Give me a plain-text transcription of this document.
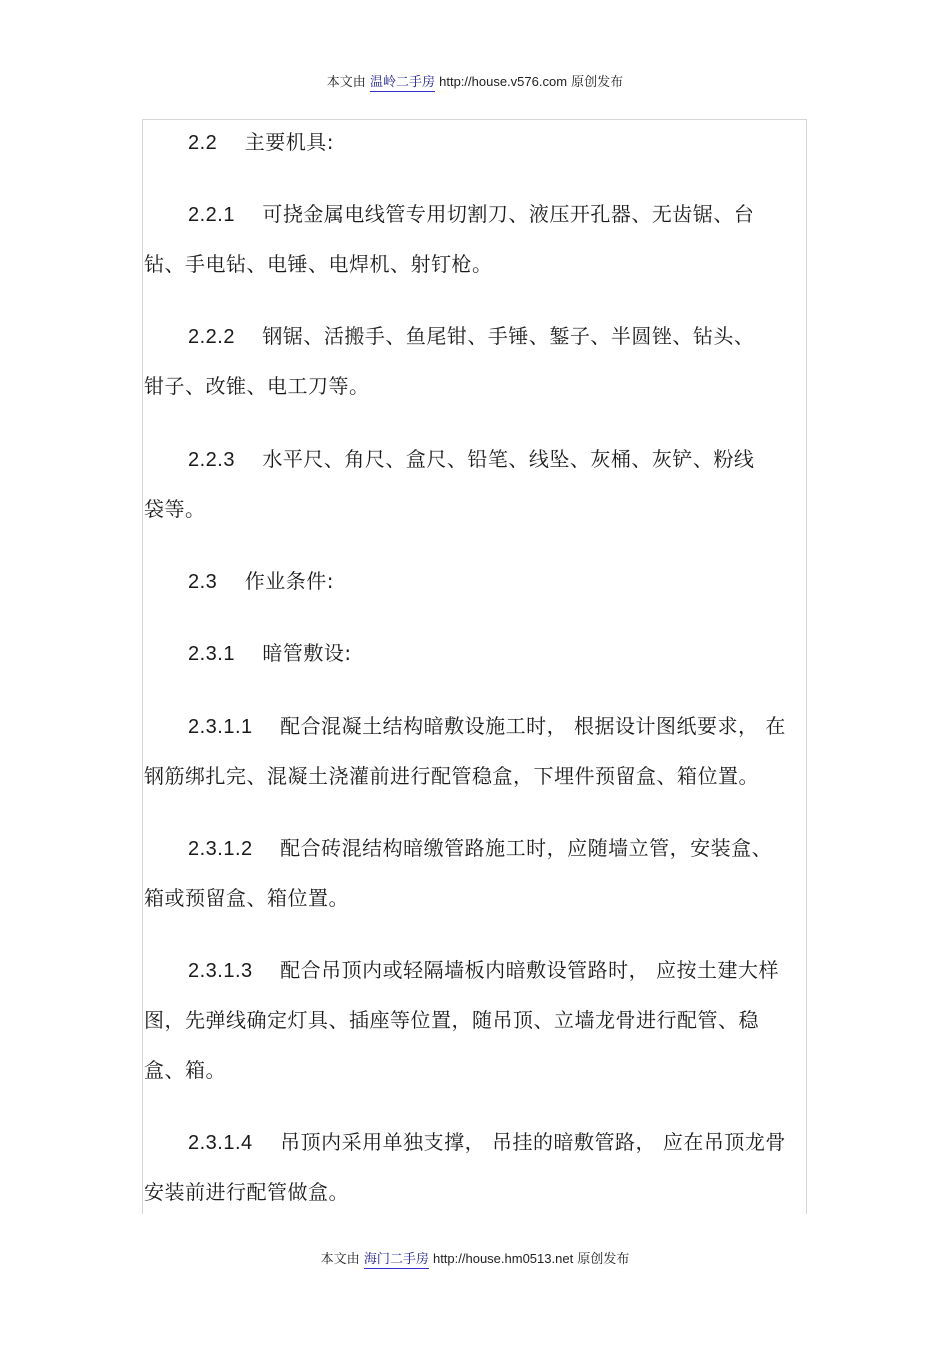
本文由 温岭二手房 http://house.v576.com 原创发布
2.2 主要机具:
2.2.1 可挠金属电线管专用切割刀、液压开孔器、无齿锯、台
钻、手电钻、电锤、电焊机、射钉枪。
2.2.2 钢锯、活搬手、鱼尾钳、手锤、錾子、半圆锉、钻头、
钳子、改锥、电工刀等。
2.2.3 水平尺、角尺、盒尺、铅笔、线坠、灰桶、灰铲、粉线
袋等。
2.3 作业条件:
2.3.1 暗管敷设:
2.3.1.1 配合混凝土结构暗敷设施工时， 根据设计图纸要求， 在
钢筋绑扎完、混凝土浇灌前进行配管稳盒，下埋件预留盒、箱位置。
2.3.1.2 配合砖混结构暗缴管路施工时，应随墙立管，安装盒、
箱或预留盒、箱位置。
2.3.1.3 配合吊顶内或轻隔墙板内暗敷设管路时， 应按土建大样
图，先弹线确定灯具、插座等位置，随吊顶、立墙龙骨进行配管、稳
盒、箱。
2.3.1.4 吊顶内采用单独支撑， 吊挂的暗敷管路， 应在吊顶龙骨
安装前进行配管做盒。
本文由 海门二手房 http://house.hm0513.net 原创发布
